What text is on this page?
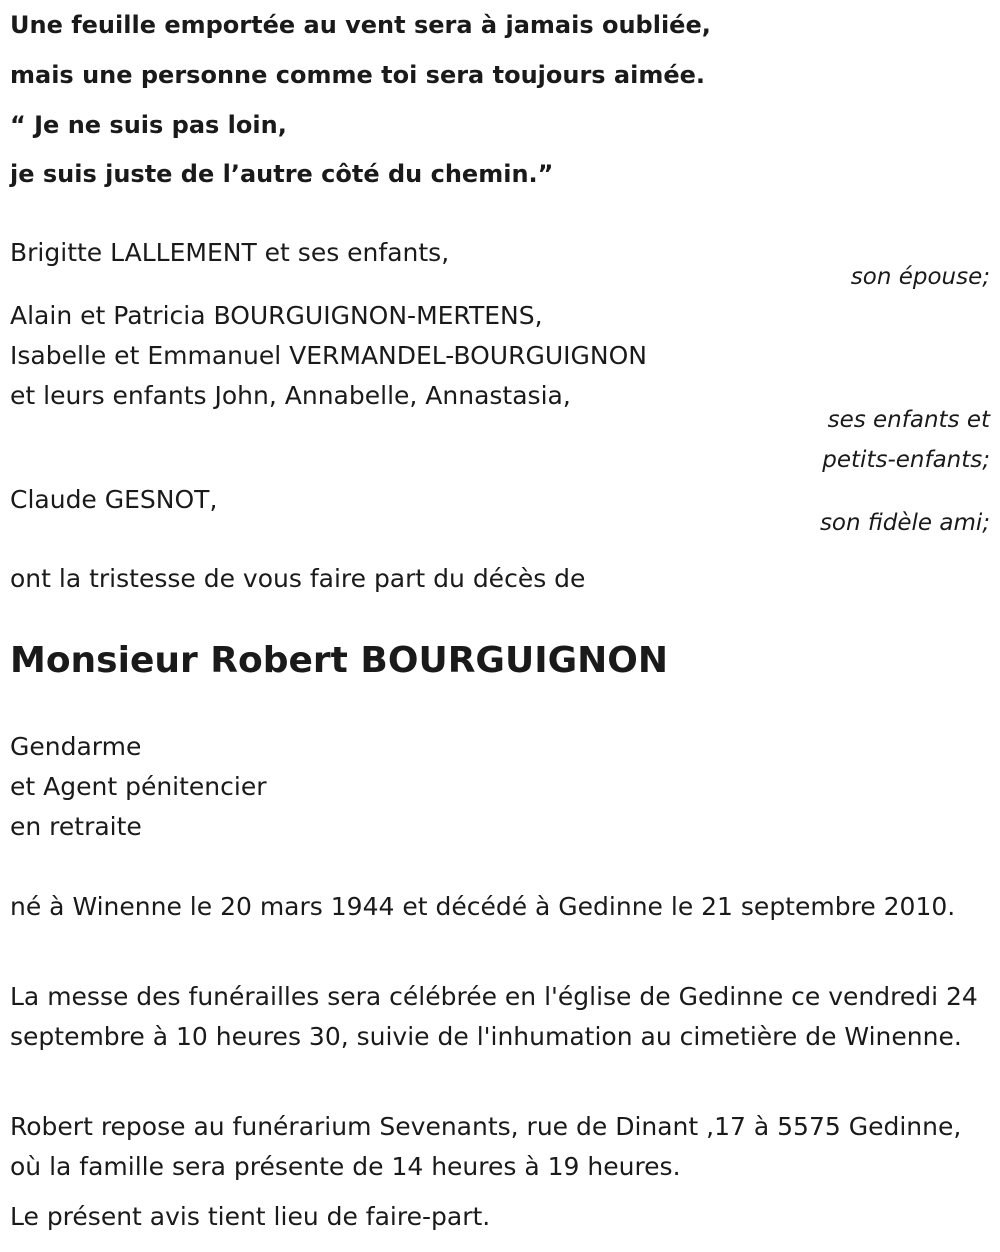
Une feuille emportée au vent sera à jamais oubliée,
mais une personne comme toi sera toujours aimée.
“ Je ne suis pas loin,
je suis juste de l’autre côté du chemin.”
Brigitte LALLEMENT et ses enfants,
son épouse;
Alain et Patricia BOURGUIGNON-MERTENS,
Isabelle et Emmanuel VERMANDEL-BOURGUIGNON
et leurs enfants John, Annabelle, Annastasia,
ses enfants et
petits-enfants;
Claude GESNOT,
son fidèle ami;
ont la tristesse de vous faire part du décès de
Monsieur Robert BOURGUIGNON
Gendarme
et Agent pénitencier
en retraite
né à Winenne le 20 mars 1944 et décédé à Gedinne le 21 septembre 2010.
La messe des funérailles sera célébrée en l'église de Gedinne ce vendredi 24 septembre à 10 heures 30, suivie de l'inhumation au cimetière de Winenne.
Robert repose au funérarium Sevenants, rue de Dinant ,17 à 5575 Gedinne, où la famille sera présente de 14 heures à 19 heures.
Le présent avis tient lieu de faire-part.
